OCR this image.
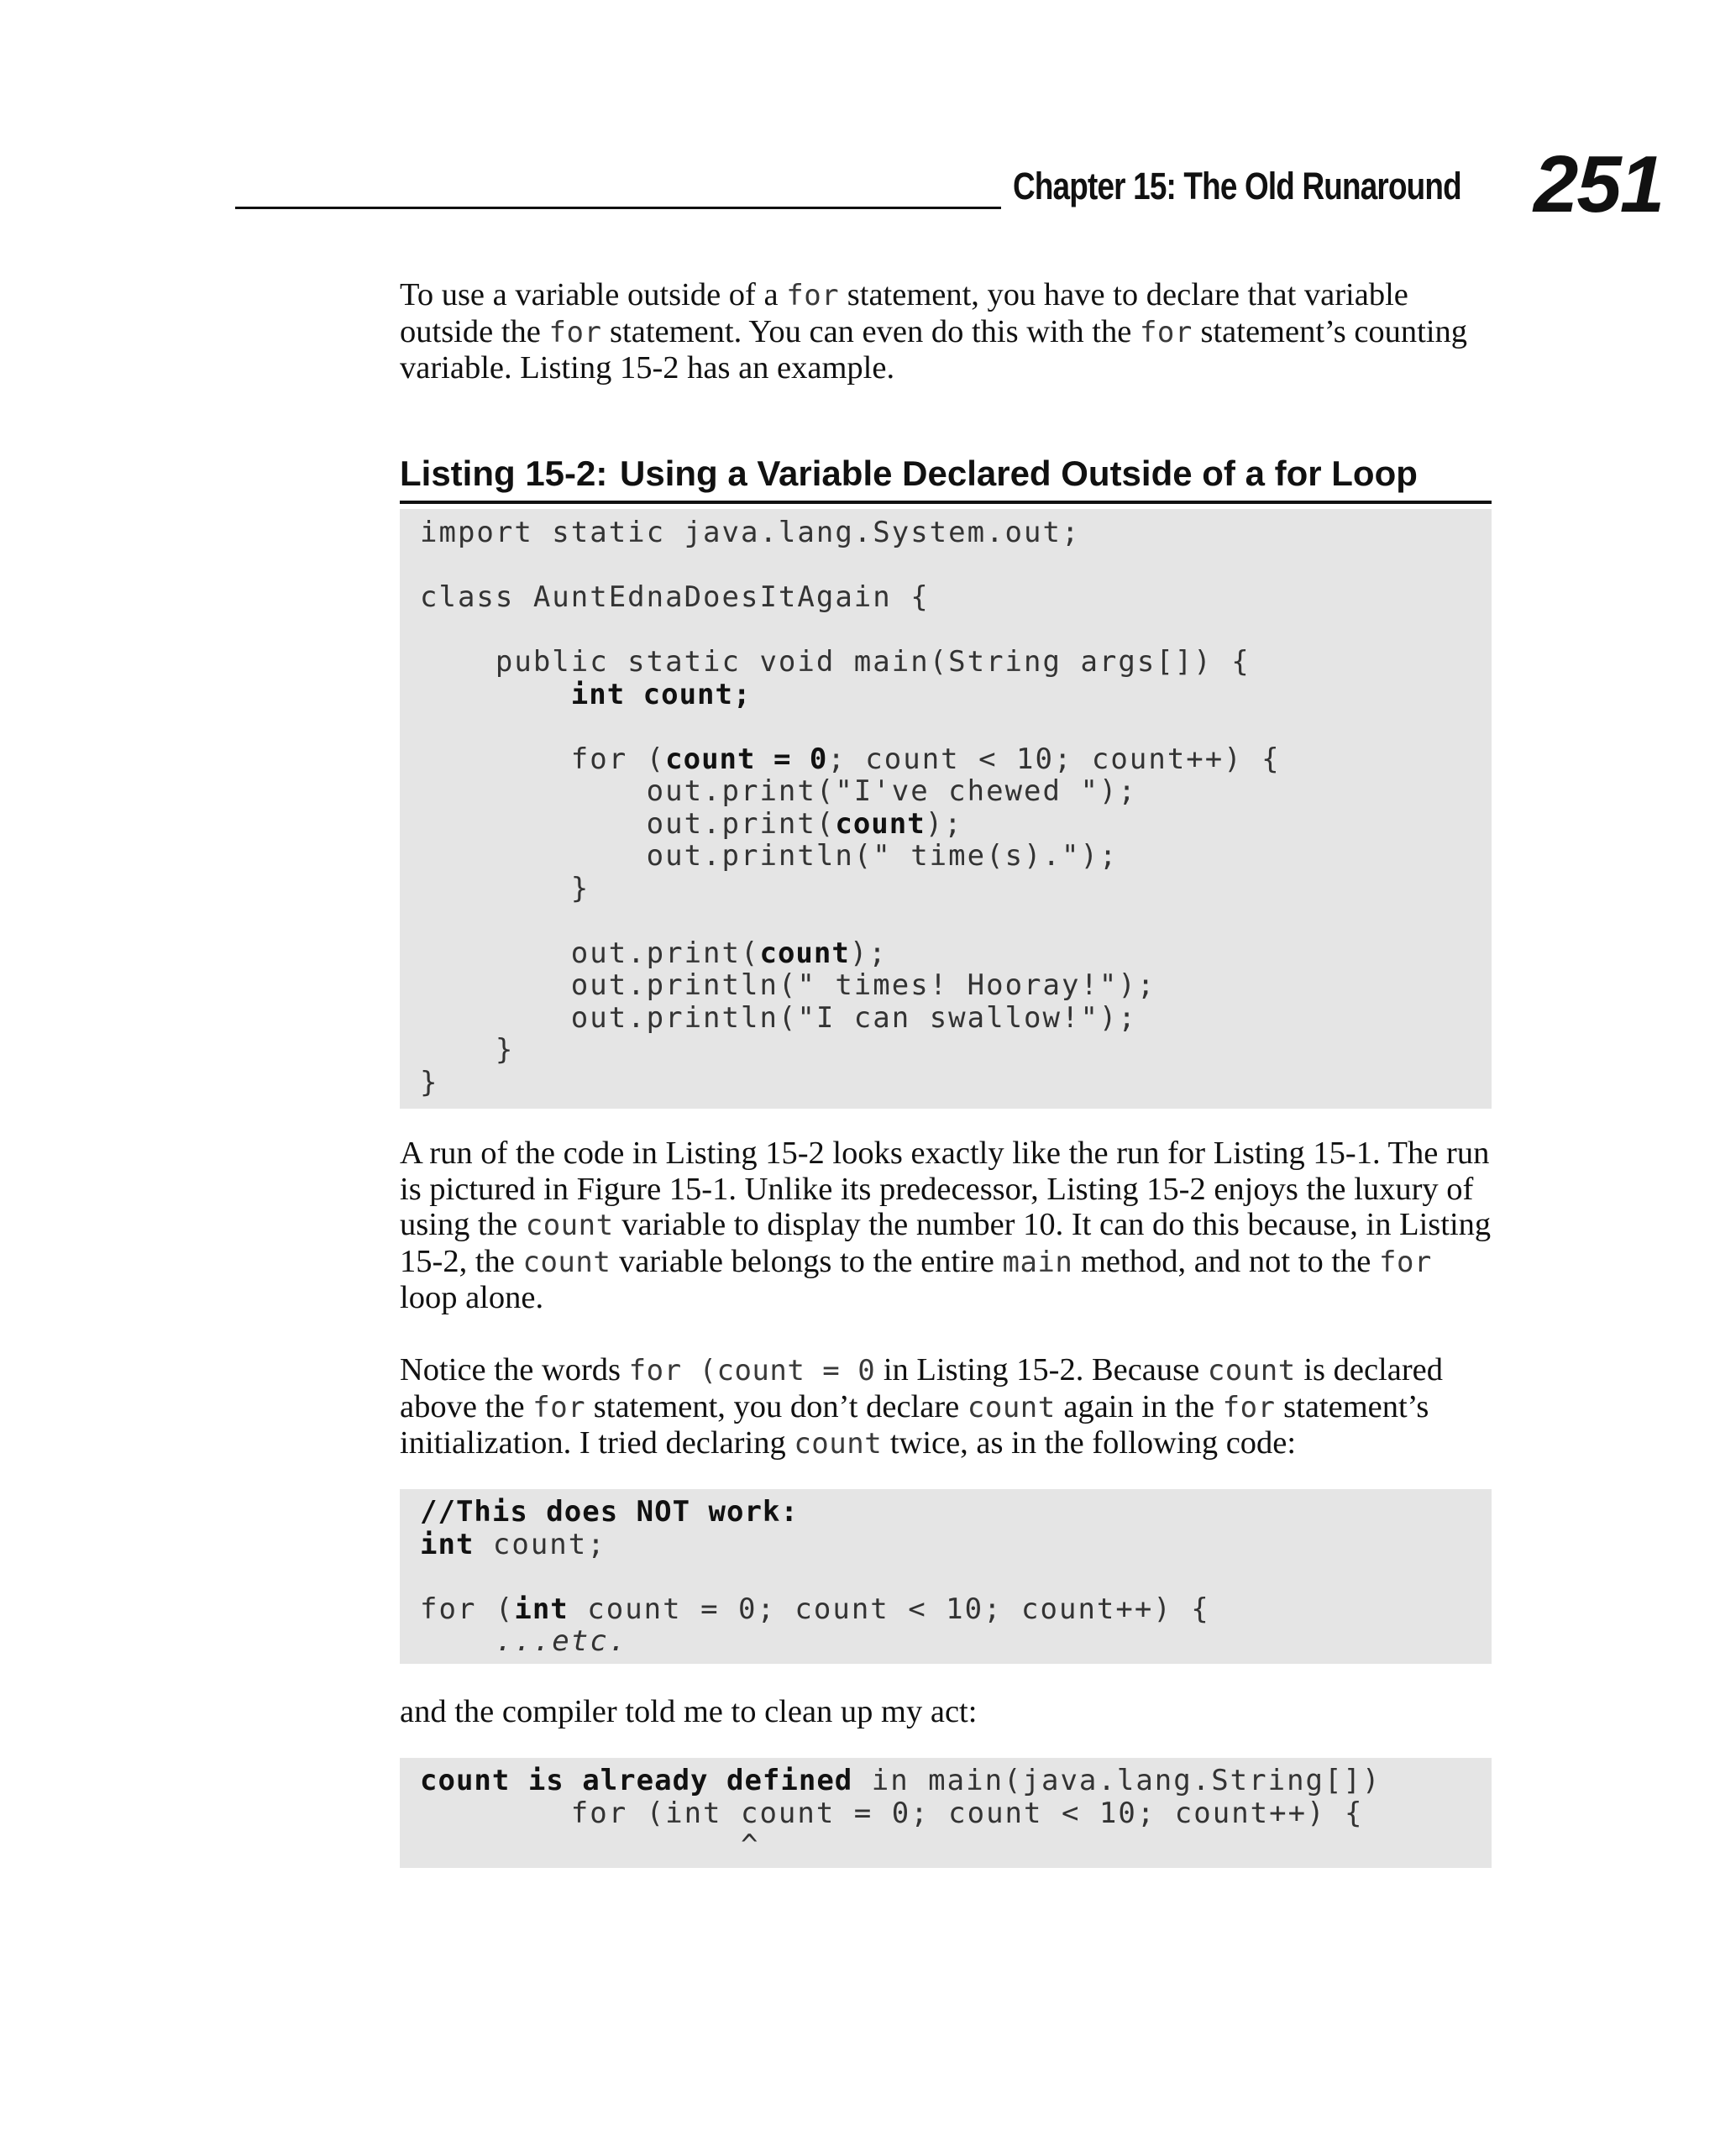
Chapter 15: The Old Runaround 251

To use a variable outside of a for statement, you have to declare that variable outside the for statement. You can even do this with the for statement’s counting variable. Listing 15-2 has an example.

Listing 15-2: Using a Variable Declared Outside of a for Loop
import static java.lang.System.out;
class AuntEdnaDoesItAgain {
public static void main(String args[]) {
int count;
for (count = 0; count < 10; count++) {
out.print("I've chewed ");
out.print(count);
out.println(" time(s).");
}
out.print(count);
out.println(" times! Hooray!");
out.println("I can swallow!");
}
}

A run of the code in Listing 15-2 looks exactly like the run for Listing 15-1. The run is pictured in Figure 15-1. Unlike its predecessor, Listing 15-2 enjoys the luxury of using the count variable to display the number 10. It can do this because, in Listing 15-2, the count variable belongs to the entire main method, and not to the for loop alone.

Notice the words for (count = 0 in Listing 15-2. Because count is declared above the for statement, you don’t declare count again in the for statement’s initialization. I tried declaring count twice, as in the following code:

//This does NOT work:
int count;
for (int count = 0; count < 10; count++) {
...etc.

and the compiler told me to clean up my act:

count is already defined in main(java.lang.String[])
for (int count = 0; count < 10; count++) {
^
